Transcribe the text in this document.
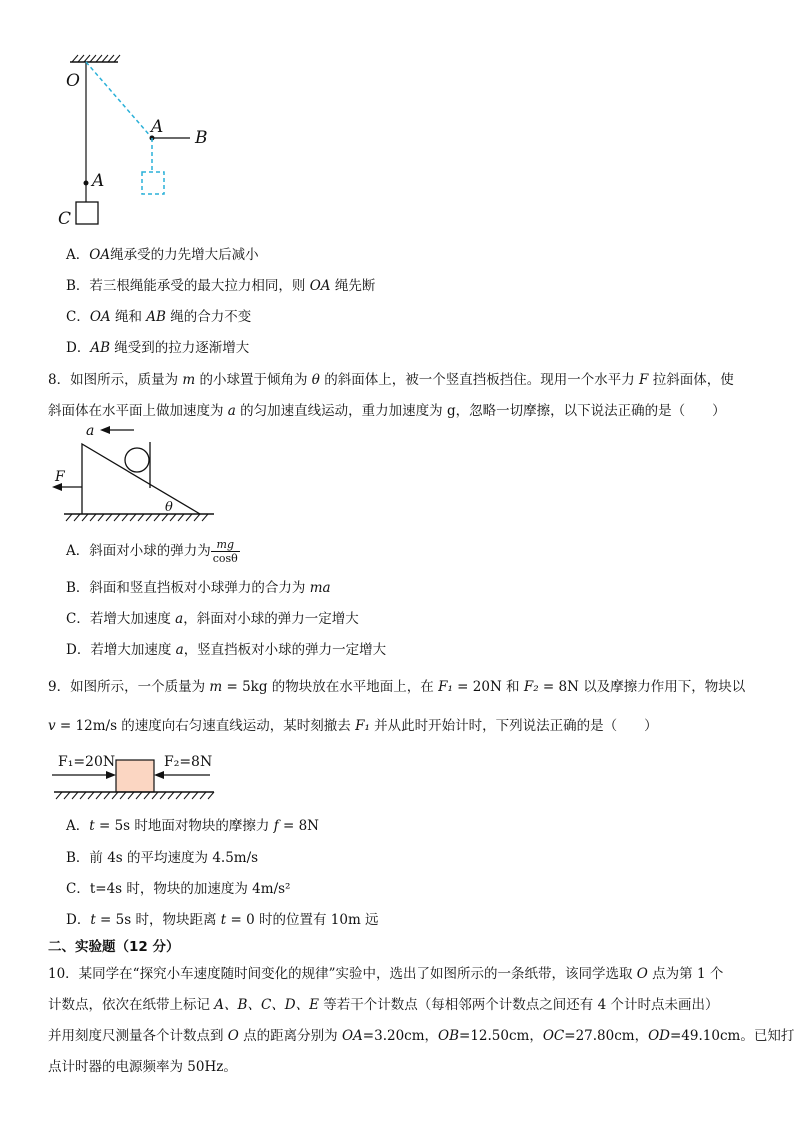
O
A
A
B
C
A．OA绳承受的力先增大后减小
B．若三根绳能承受的最大拉力相同，则 OA 绳先断
C．OA 绳和 AB 绳的合力不变
D．AB 绳受到的拉力逐渐增大
8．如图所示，质量为 m 的小球置于倾角为 θ 的斜面体上，被一个竖直挡板挡住。现用一个水平力 F 拉斜面体，使
斜面体在水平面上做加速度为 a 的匀加速直线运动，重力加速度为 g，忽略一切摩擦，以下说法正确的是（　　）
a
F
θ
A．斜面对小球的弹力为 $\frac{mg}{\cos\theta}$
B．斜面和竖直挡板对小球弹力的合力为 ma
C．若增大加速度 a，斜面对小球的弹力一定增大
D．若增大加速度 a，竖直挡板对小球的弹力一定增大
9．如图所示，一个质量为 m = 5kg 的物块放在水平地面上，在 F₁ = 20N 和 F₂ = 8N 以及摩擦力作用下，物块以
v = 12m/s 的速度向右匀速直线运动，某时刻撤去 F₁ 并从此时开始计时，下列说法正确的是（　　）
F₁=20N	F₂=8N
A．t = 5s 时地面对物块的摩擦力 f = 8N
B．前 4s 的平均速度为 4.5m/s
C．t=4s 时，物块的加速度为 4m/s²
D．t = 5s 时，物块距离 t = 0 时的位置有 10m 远
二、实验题（12 分）
10．某同学在“探究小车速度随时间变化的规律”实验中，选出了如图所示的一条纸带，该同学选取 O 点为第 1 个
计数点，依次在纸带上标记 A、B、C、D、E 等若干个计数点（每相邻两个计数点之间还有 4 个计时点未画出）
并用刻度尺测量各个计数点到 O 点的距离分别为 OA=3.20cm，OB=12.50cm，OC=27.80cm，OD=49.10cm。已知打
点计时器的电源频率为 50Hz。
